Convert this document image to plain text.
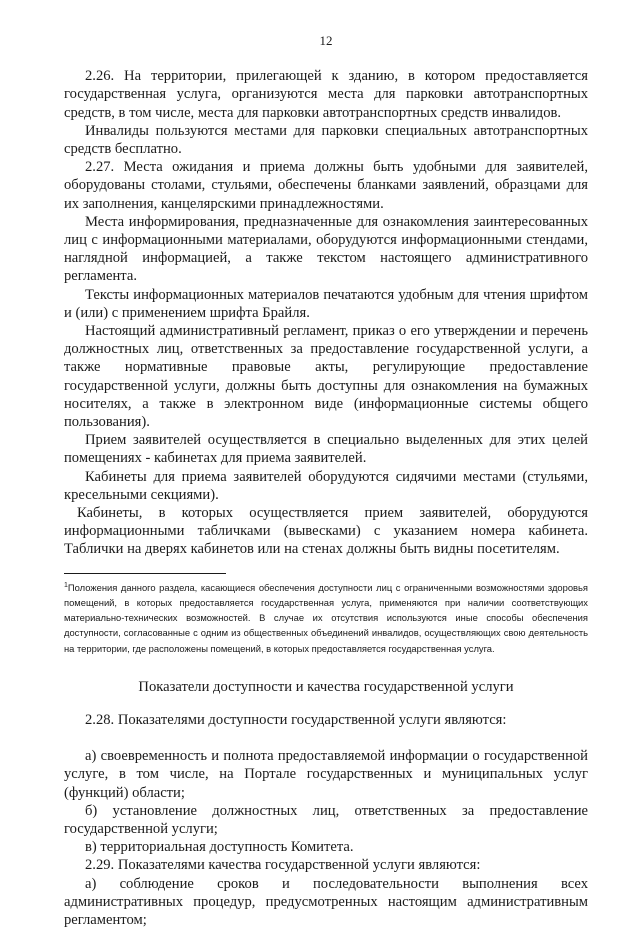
12

2.26. На территории, прилегающей к зданию, в котором предоставляется государственная услуга, организуются места для парковки автотранспортных средств, в том числе, места для парковки автотранспортных средств инвалидов.

Инвалиды пользуются местами для парковки специальных автотранспортных средств бесплатно.

2.27. Места ожидания и приема должны быть удобными для заявителей, оборудованы столами, стульями, обеспечены бланками заявлений, образцами для их заполнения, канцелярскими принадлежностями.

Места информирования, предназначенные для ознакомления заинтересованных лиц с информационными материалами, оборудуются информационными стендами, наглядной информацией, а также текстом настоящего административного регламента.

Тексты информационных материалов печатаются удобным для чтения шрифтом и (или) с применением шрифта Брайля.

Настоящий административный регламент, приказ о его утверждении и перечень должностных лиц, ответственных за предоставление государственной услуги, а также нормативные правовые акты, регулирующие предоставление государственной услуги, должны быть доступны для ознакомления на бумажных носителях, а также в электронном виде (информационные системы общего пользования).

Прием заявителей осуществляется в специально выделенных для этих целей помещениях - кабинетах для приема заявителей.

Кабинеты для приема заявителей оборудуются сидячими местами (стульями, кресельными секциями).

Кабинеты, в которых осуществляется прием заявителей, оборудуются информационными табличками (вывесками) с указанием номера кабинета. Таблички на дверях кабинетов или на стенах должны быть видны посетителям.

$^1$Положения данного раздела, касающиеся обеспечения доступности лиц с ограниченными возможностями здоровья помещений, в которых предоставляется государственная услуга, применяются при наличии соответствующих материально-технических возможностей. В случае их отсутствия используются иные способы обеспечения доступности, согласованные с одним из общественных объединений инвалидов, осуществляющих свою деятельность на территории, где расположены помещений, в которых предоставляется государственная услуга.

Показатели доступности и качества государственной услуги

2.28. Показателями доступности государственной услуги являются:

а) своевременность и полнота предоставляемой информации о государственной услуге, в том числе, на Портале государственных и муниципальных услуг (функций) области;

б) установление должностных лиц, ответственных за предоставление государственной услуги;

в) территориальная доступность Комитета.

2.29. Показателями качества государственной услуги являются:

а) соблюдение сроков и последовательности выполнения всех административных процедур, предусмотренных настоящим административным регламентом;
